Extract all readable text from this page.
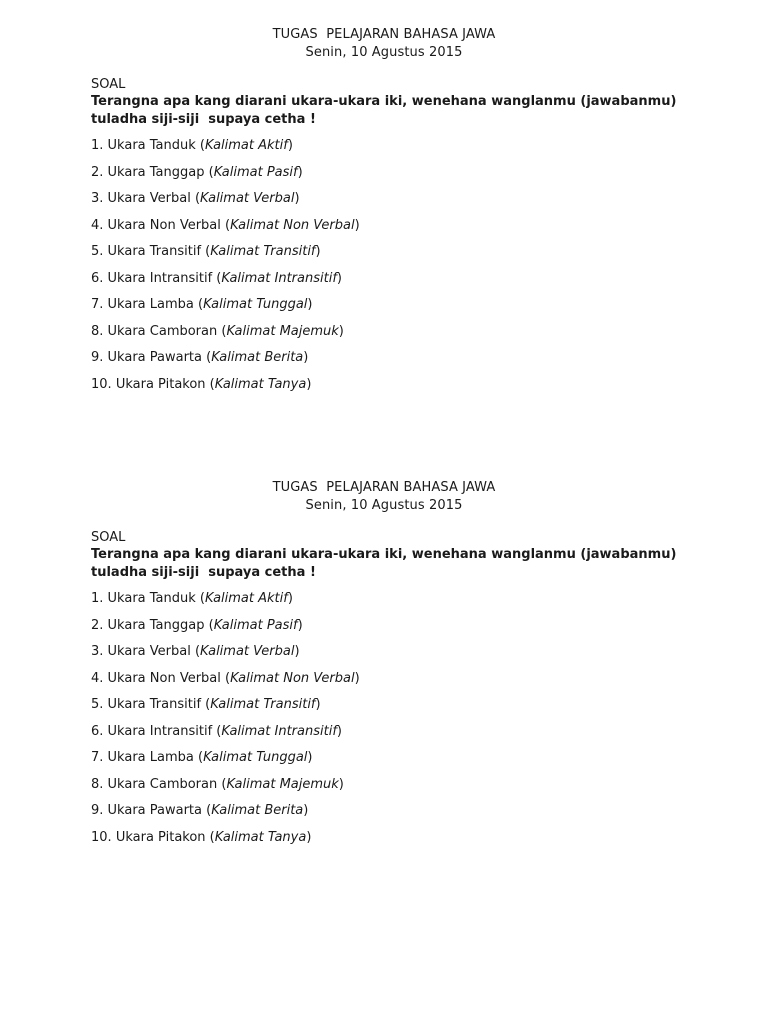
TUGAS  PELAJARAN BAHASA JAWA
Senin, 10 Agustus 2015
SOAL
Terangna apa kang diarani ukara-ukara iki, wenehana wanglanmu (jawabanmu) tuladha siji-siji  supaya cetha !
1. Ukara Tanduk (Kalimat Aktif)
2. Ukara Tanggap (Kalimat Pasif)
3. Ukara Verbal (Kalimat Verbal)
4. Ukara Non Verbal (Kalimat Non Verbal)
5. Ukara Transitif (Kalimat Transitif)
6. Ukara Intransitif (Kalimat Intransitif)
7. Ukara Lamba (Kalimat Tunggal)
8. Ukara Camboran (Kalimat Majemuk)
9. Ukara Pawarta (Kalimat Berita)
10. Ukara Pitakon (Kalimat Tanya)
TUGAS  PELAJARAN BAHASA JAWA
Senin, 10 Agustus 2015
SOAL
Terangna apa kang diarani ukara-ukara iki, wenehana wanglanmu (jawabanmu) tuladha siji-siji  supaya cetha !
1. Ukara Tanduk (Kalimat Aktif)
2. Ukara Tanggap (Kalimat Pasif)
3. Ukara Verbal (Kalimat Verbal)
4. Ukara Non Verbal (Kalimat Non Verbal)
5. Ukara Transitif (Kalimat Transitif)
6. Ukara Intransitif (Kalimat Intransitif)
7. Ukara Lamba (Kalimat Tunggal)
8. Ukara Camboran (Kalimat Majemuk)
9. Ukara Pawarta (Kalimat Berita)
10. Ukara Pitakon (Kalimat Tanya)
